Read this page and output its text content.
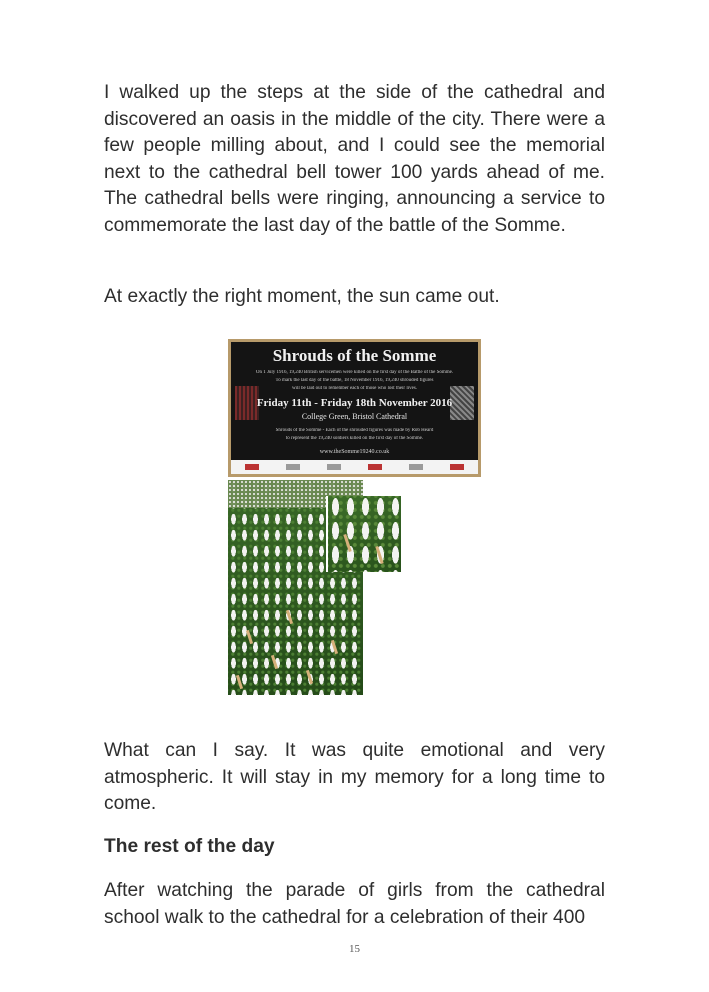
I walked up the steps at the side of the cathedral and discovered an oasis in the middle of the city. There were a few people milling about, and I could see the memorial next to the cathedral bell tower 100 yards ahead of me. The cathedral bells were ringing, announcing a service to commemorate the last day of the battle of the Somme.

At exactly the right moment, the sun came out.

Shrouds of the Somme
On 1 July 1916, 19,240 British servicemen were killed on the first day of the Battle of the Somme.
To mark the last day of the battle, 18 November 1916, 19,240 shrouded figures
will be laid out to remember each of those who lost their lives.
Friday 11th - Friday 18th November 2016
College Green, Bristol Cathedral
Shrouds of the Somme - Each of the shrouded figures was made by Rob Heard
to represent the 19,240 soldiers killed on the first day of the Somme.
www.theSomme19240.co.uk

What can I say. It was quite emotional and very atmospheric. It will stay in my memory for a long time to come.

The rest of the day

After watching the parade of girls from the cathedral school walk to the cathedral for a celebration of their 400

15
